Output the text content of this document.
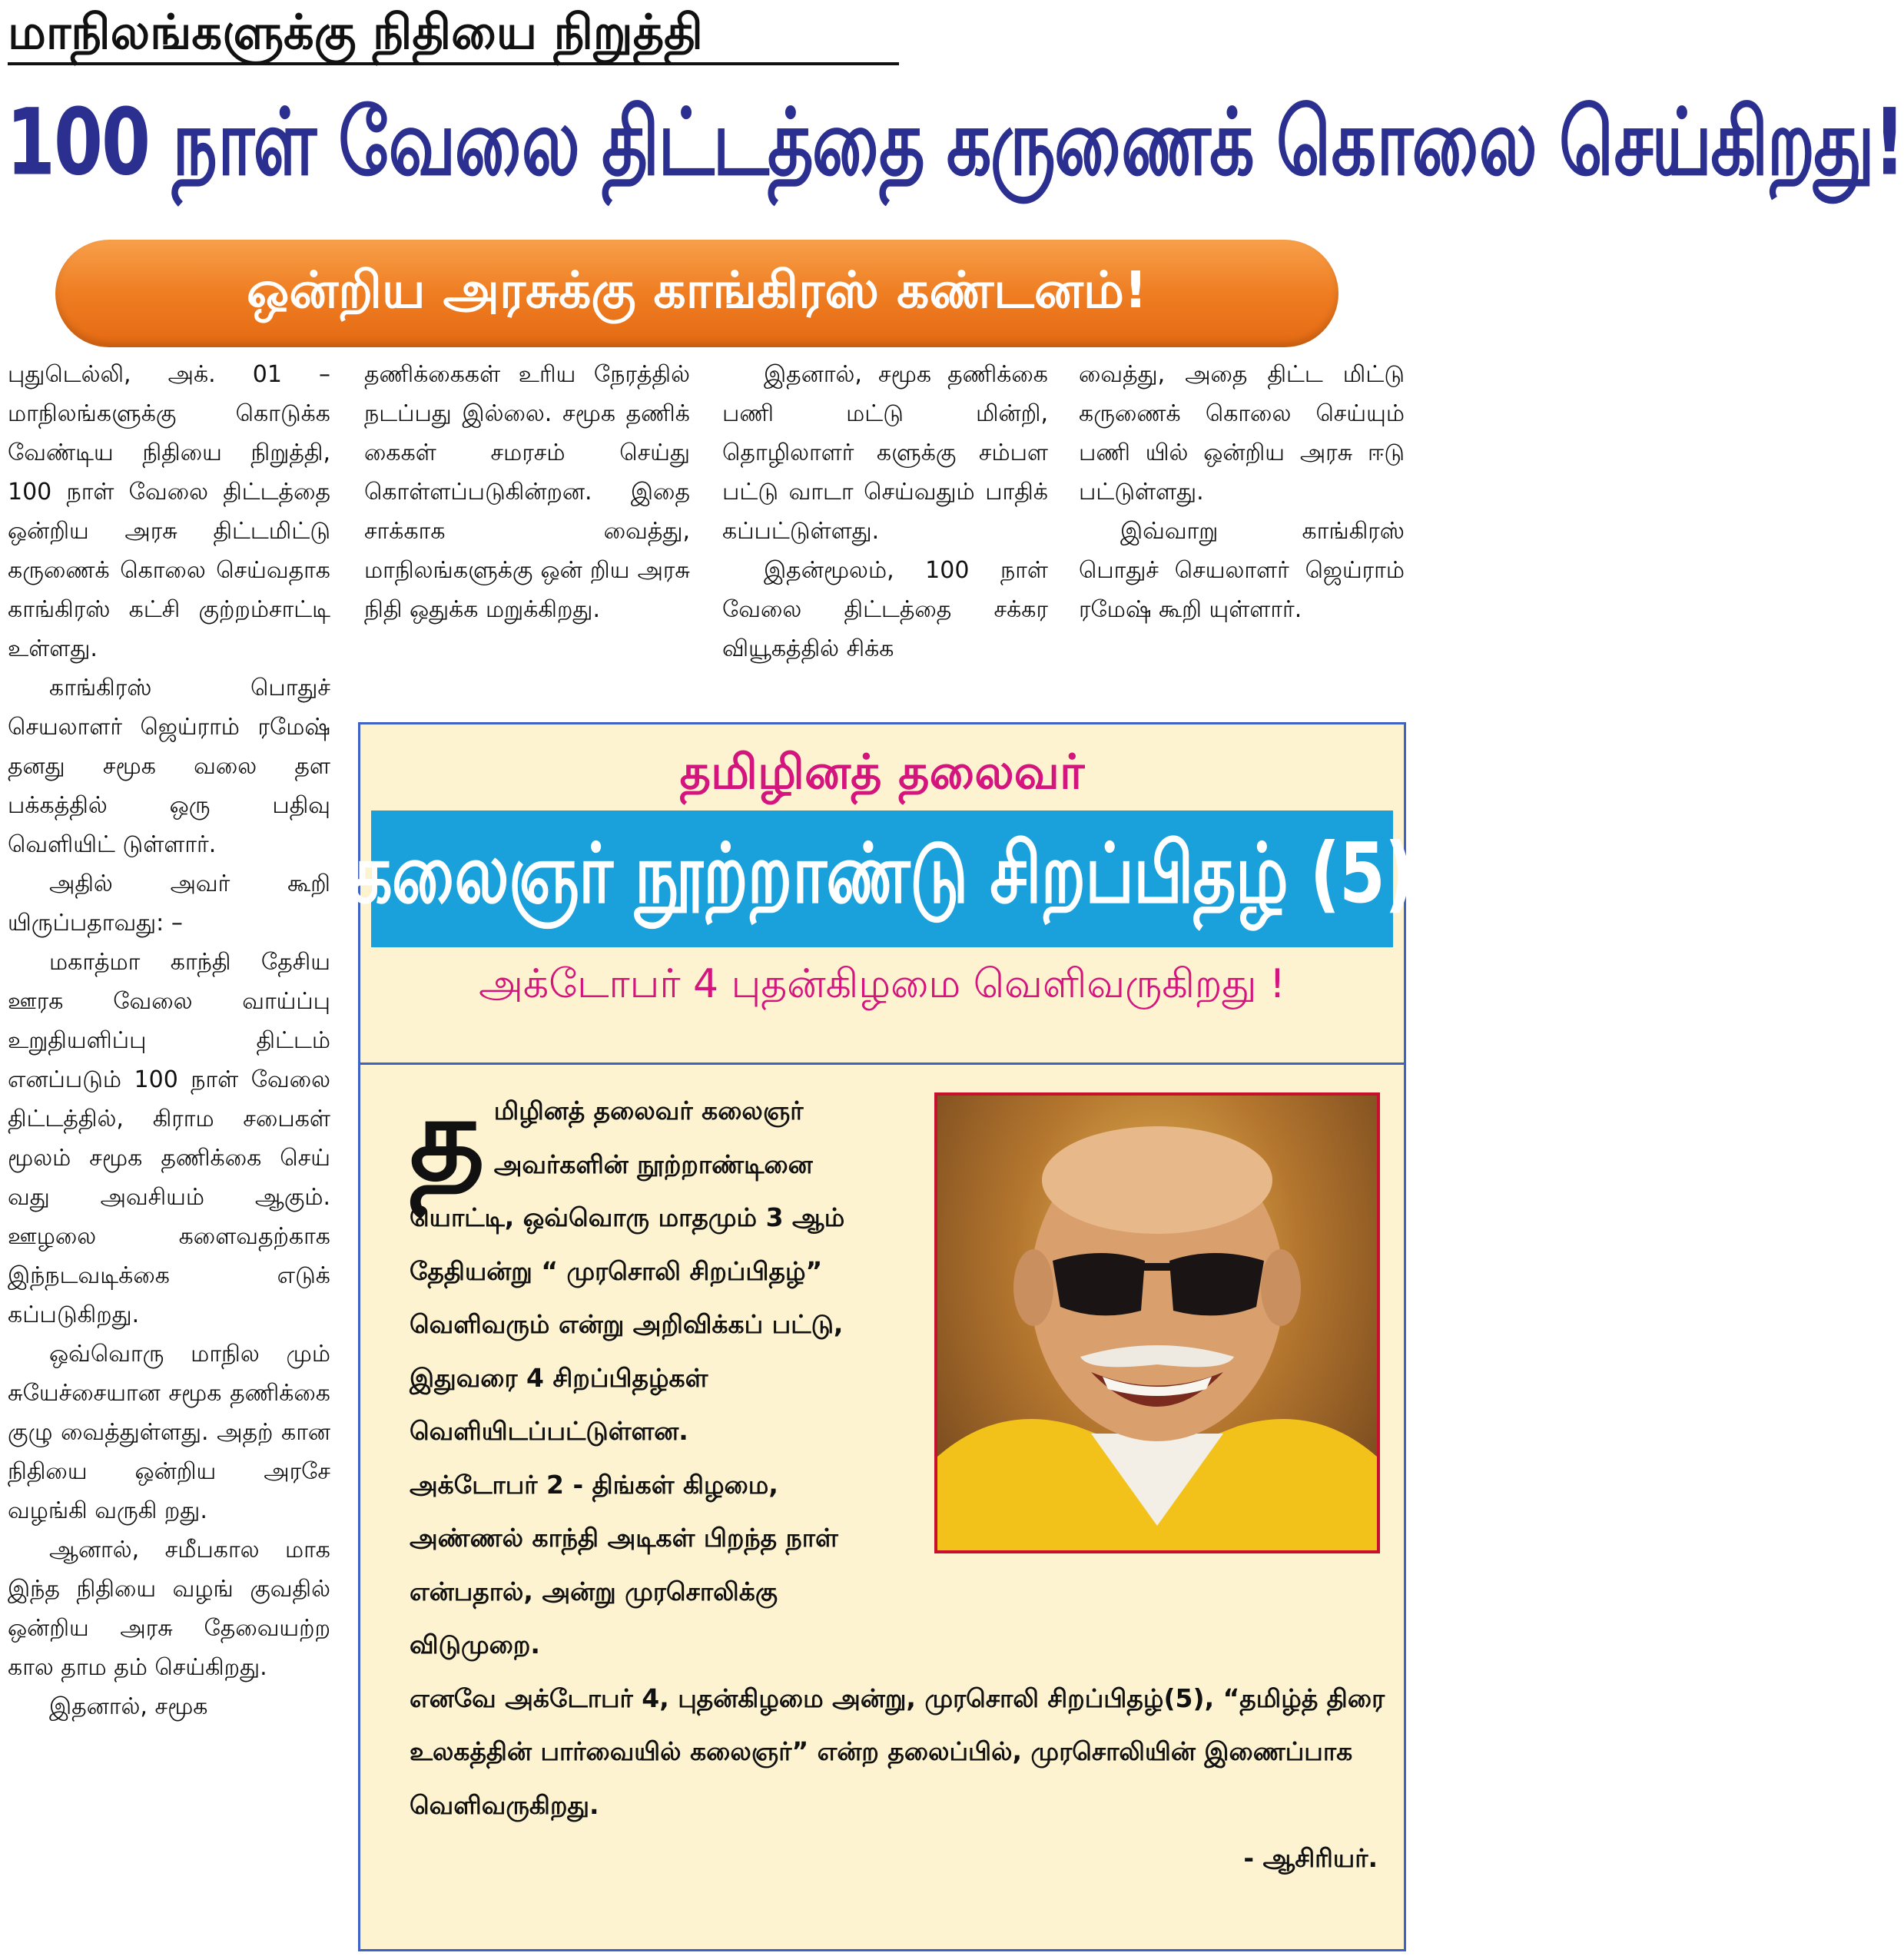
மாநிலங்களுக்கு நிதியை நிறுத்தி
100 நாள் வேலை திட்டத்தை கருணைக் கொலை செய்கிறது!
ஒன்றிய அரசுக்கு காங்கிரஸ் கண்டனம்!

புதுடெல்லி, அக். 01 – மாநிலங்களுக்கு கொடுக்க வேண்டிய நிதியை நிறுத்தி, 100 நாள் வேலை திட்டத்தை ஒன்றிய அரசு திட்டமிட்டு கருணைக் கொலை செய்வதாக காங்கிரஸ் கட்சி குற்றம்சாட்டி உள்ளது.

காங்கிரஸ் பொதுச் செயலாளர் ஜெய்ராம் ரமேஷ் தனது சமூக வலை தள பக்கத்தில் ஒரு பதிவு வெளியிட் டுள்ளார்.

அதில் அவர் கூறி யிருப்பதாவது: –

மகாத்மா காந்தி தேசிய ஊரக வேலை வாய்ப்பு உறுதியளிப்பு திட்டம் எனப்படும் 100 நாள் வேலை திட்டத்தில், கிராம சபைகள் மூலம் சமூக தணிக்கை செய் வது அவசியம் ஆகும். ஊழலை களைவதற்காக இந்நடவடிக்கை எடுக் கப்படுகிறது.

ஒவ்வொரு மாநில மும் சுயேச்சையான சமூக தணிக்கை குழு வைத்துள்ளது. அதற் கான நிதியை ஒன்றிய அரசே வழங்கி வருகி றது.

ஆனால், சமீபகால மாக இந்த நிதியை வழங் குவதில் ஒன்றிய அரசு தேவையற்ற கால தாம தம் செய்கிறது.

இதனால், சமூக

தணிக்கைகள் உரிய நேரத்தில் நடப்பது இல்லை. சமூக தணிக் கைகள் சமரசம் செய்து கொள்ளப்படுகின்றன. இதை சாக்காக வைத்து, மாநிலங்களுக்கு ஒன் றிய அரசு நிதி ஒதுக்க மறுக்கிறது.

இதனால், சமூக தணிக்கை பணி மட்டு மின்றி, தொழிலாளர் களுக்கு சம்பள பட்டு வாடா செய்வதும் பாதிக் கப்பட்டுள்ளது.

இதன்மூலம், 100 நாள் வேலை திட்டத்தை சக்கர வியூகத்தில் சிக்க

வைத்து, அதை திட்ட மிட்டு கருணைக் கொலை செய்யும் பணி யில் ஒன்றிய அரசு ஈடு பட்டுள்ளது.

இவ்வாறு காங்கிரஸ் பொதுச் செயலாளர் ஜெய்ராம் ரமேஷ் கூறி யுள்ளார்.

தமிழினத் தலைவர்
கலைஞர் நூற்றாண்டு சிறப்பிதழ் (5)
அக்டோபர் 4 புதன்கிழமை வெளிவருகிறது !
த மிழினத் தலைவர் கலைஞர் அவர்களின் நூற்றாண்டினை யொட்டி, ஒவ்வொரு மாதமும் 3 ஆம் தேதியன்று “ முரசொலி சிறப்பிதழ்” வெளிவரும் என்று அறிவிக்கப் பட்டு, இதுவரை 4 சிறப்பிதழ்கள் வெளியிடப்பட்டுள்ளன.

அக்டோபர் 2 - திங்கள் கிழமை, அண்ணல் காந்தி அடிகள் பிறந்த நாள் என்பதால், அன்று முரசொலிக்கு விடுமுறை.

எனவே அக்டோபர் 4, புதன்கிழமை அன்று, முரசொலி சிறப்பிதழ்(5), “தமிழ்த் திரை உலகத்தின் பார்வையில் கலைஞர்” என்ற தலைப்பில், முரசொலியின் இணைப்பாக வெளிவருகிறது.

- ஆசிரியர்.
